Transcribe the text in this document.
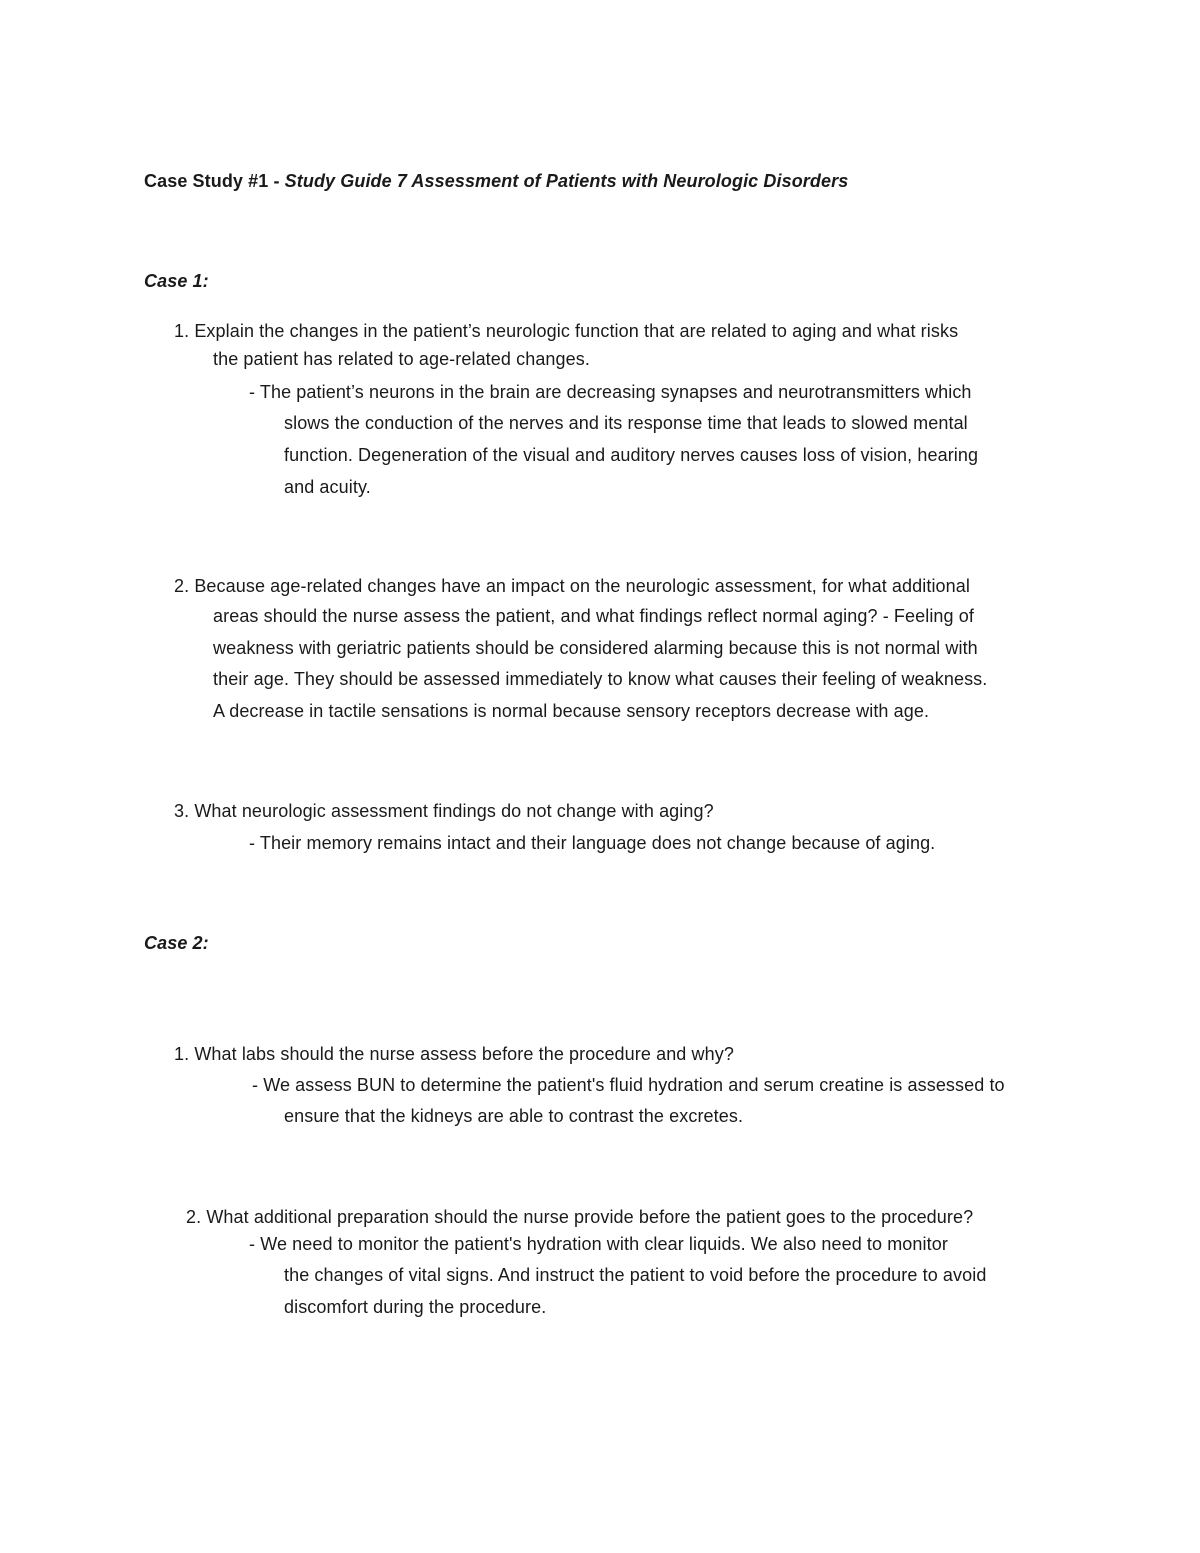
Case Study #1 - Study Guide 7 Assessment of Patients with Neurologic Disorders
Case 1:
1. Explain the changes in the patient’s neurologic function that are related to aging and what risks
the patient has related to age-related changes.
- The patient’s neurons in the brain are decreasing synapses and neurotransmitters which
slows the conduction of the nerves and its response time that leads to slowed mental
function. Degeneration of the visual and auditory nerves causes loss of vision, hearing
and acuity.
2. Because age-related changes have an impact on the neurologic assessment, for what additional
areas should the nurse assess the patient, and what findings reflect normal aging? - Feeling of
weakness with geriatric patients should be considered alarming because this is not normal with
their age. They should be assessed immediately to know what causes their feeling of weakness.
A decrease in tactile sensations is normal because sensory receptors decrease with age.
3. What neurologic assessment findings do not change with aging?
- Their memory remains intact and their language does not change because of aging.
Case 2:
1. What labs should the nurse assess before the procedure and why?
- We assess BUN to determine the patient's fluid hydration and serum creatine is assessed to
ensure that the kidneys are able to contrast the excretes.
2. What additional preparation should the nurse provide before the patient goes to the procedure?
- We need to monitor the patient's hydration with clear liquids. We also need to monitor
the changes of vital signs. And instruct the patient to void before the procedure to avoid
discomfort during the procedure.
